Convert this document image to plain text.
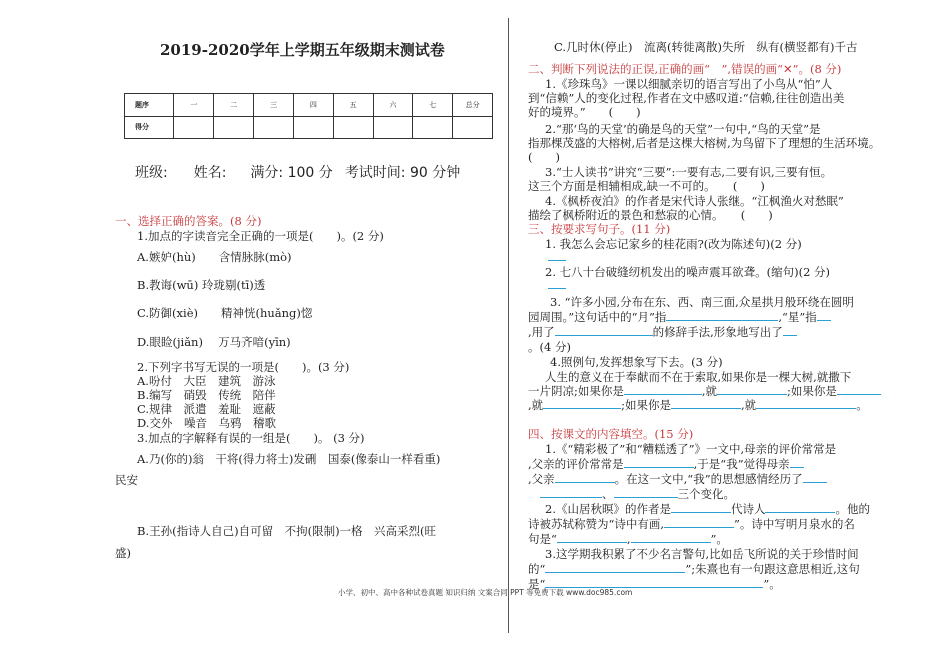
2019-2020学年上学期五年级期末测试卷
题序	一	二	三	四	五	六	七	总分
得分								
班级: 姓名: 满分: 100 分 考试时间: 90 分钟
一、选择正确的答案。(8 分)
1.加点的字读音完全正确的一项是(　　)。(2 分)
A.嫉妒(hù)　　含情脉脉(mò)
B.教诲(wū) 玲珑剔(tī)透
C.防御(xiè)　　精神恍(huǎng)惚
D.眼睑(jiǎn)　 万马齐喑(yīn)
2.下列字书写无误的一项是(　　)。(3 分)
A.吩付　大臣　建筑　游泳
B.编写　硝毁　传统　陪伴
C.规律　派遣　羞耻　遮蔽
D.交外　噪音　乌鸦　稽歌
3.加点的字解释有误的一组是(　　)。 (3 分)
A.乃(你的)翁　干将(得力将士)发硎　国泰(像泰山一样看重)
民安
B.王孙(指诗人自己)自可留　不拘(限制)一格　兴高采烈(旺
盛)
C.几时休(停止)　流离(转徙离散)失所　纵有(横竖都有)千古
二、判断下列说法的正误,正确的画“　”,错误的画“✕”。(8 分)
1.《珍珠鸟》一课以细腻亲切的语言写出了小鸟从“怕”人
到“信赖”人的变化过程,作者在文中感叹道:“信赖,往往创造出美
好的境界。”　　(　　)
2.“那‘鸟的天堂’的确是鸟的天堂”一句中,“鸟的天堂”是
指那棵茂盛的大榕树,后者是这棵大榕树,为鸟留下了理想的生活环境。
(　　)
3.“士人读书”讲究“三要”:一要有志,二要有识,三要有恒。
这三个方面是相辅相成,缺一不可的。　　(　　)
4.《枫桥夜泊》的作者是宋代诗人张继。“江枫渔火对愁眠”
描绘了枫桥附近的景色和愁寂的心情。　　(　　)
三、按要求写句子。(11 分)
1. 我怎么会忘记家乡的桂花雨?(改为陈述句)(2 分)
2. 七八十台破缝纫机发出的噪声震耳欲聋。(缩句)(2 分)
3. “许多小园,分布在东、西、南三面,众星拱月般环绕在圆明
园周围。”这句话中的“月”指	,“星”指
,用了	的修辞手法,形象地写出了
。(4 分)
4.照例句,发挥想象写下去。(3 分)
人生的意义在于奉献而不在于索取,如果你是一棵大树,就撒下
一片阴凉;如果你是	,就	;如果你是
,就	;如果你是	,就	。
四、按课文的内容填空。(15 分)
1.《“精彩极了”和“糟糕透了”》一文中,母亲的评价常常是
,父亲的评价常常是	,于是“我”觉得母亲
,父亲	。在这一文中,“我”的思想感情经历了
、	三个变化。
2.《山居秋暝》的作者是	代诗人	。他的
诗被苏轼称赞为“诗中有画,	”。诗中写明月泉水的名
句是“	,	”。
3.这学期我积累了不少名言警句,比如岳飞所说的关于珍惜时间
的“	”;朱熹也有一句跟这意思相近,这句
是“	”。
小学、初中、高中各种试卷真题 知识归纳 文案合同 PPT 等免费下载 www.doc985.com
